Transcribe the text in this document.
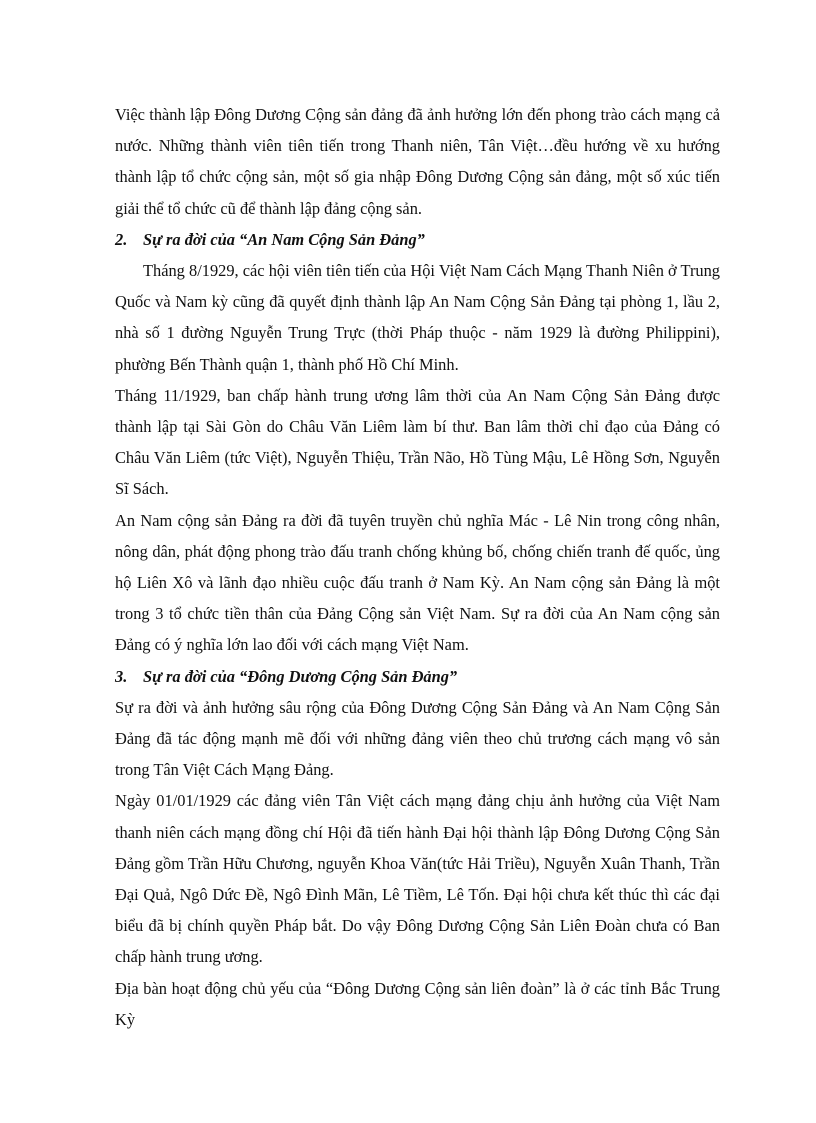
Việc thành lập Đông Dương Cộng sản đảng đã ảnh hưởng lớn đến phong trào cách mạng cả nước. Những thành viên tiên tiến trong Thanh niên, Tân Việt…đều hướng về xu hướng thành lập tổ chức cộng sản, một số gia nhập Đông Dương Cộng sản đảng, một số xúc tiến giải thể tổ chức cũ để thành lập đảng cộng sản.

2. Sự ra đời của “An Nam Cộng Sản Đảng”

Tháng 8/1929, các hội viên tiên tiến của Hội Việt Nam Cách Mạng Thanh Niên ở Trung Quốc và Nam kỳ cũng đã quyết định thành lập An Nam Cộng Sản Đảng tại phòng 1, lầu 2, nhà số 1 đường Nguyễn Trung Trực (thời Pháp thuộc - năm 1929 là đường Philippini), phường Bến Thành quận 1, thành phố Hồ Chí Minh.

Tháng 11/1929, ban chấp hành trung ương lâm thời của An Nam Cộng Sản Đảng được thành lập tại Sài Gòn do Châu Văn Liêm làm bí thư. Ban lâm thời chỉ đạo của Đảng có Châu Văn Liêm (tức Việt), Nguyễn Thiệu, Trần Não, Hồ Tùng Mậu, Lê Hồng Sơn, Nguyễn Sĩ Sách.

An Nam cộng sản Đảng ra đời đã tuyên truyền chủ nghĩa Mác - Lê Nin trong công nhân, nông dân, phát động phong trào đấu tranh chống khủng bố, chống chiến tranh đế quốc, ủng hộ Liên Xô và lãnh đạo nhiều cuộc đấu tranh ở Nam Kỳ. An Nam cộng sản Đảng là một trong 3 tổ chức tiền thân của Đảng Cộng sản Việt Nam. Sự ra đời của An Nam cộng sản Đảng có ý nghĩa lớn lao đối với cách mạng Việt Nam.

3. Sự ra đời của “Đông Dương Cộng Sản Đảng”

Sự ra đời và ảnh hưởng sâu rộng của Đông Dương Cộng Sản Đảng và An Nam Cộng Sản Đảng đã tác động mạnh mẽ đối với những đảng viên theo chủ trương cách mạng vô sản trong Tân Việt Cách Mạng Đảng.

Ngày 01/01/1929 các đảng viên Tân Việt cách mạng đảng chịu ảnh hưởng của Việt Nam thanh niên cách mạng đồng chí Hội đã tiến hành Đại hội thành lập Đông Dương Cộng Sản Đảng gồm Trần Hữu Chương, nguyễn Khoa Văn(tức Hải Triều), Nguyễn Xuân Thanh, Trần Đại Quả, Ngô Dức Đề, Ngô Đình Mãn, Lê Tiềm, Lê Tốn. Đại hội chưa kết thúc thì các đại biểu đã bị chính quyền Pháp bắt. Do vậy Đông Dương Cộng Sản Liên Đoàn chưa có Ban chấp hành trung ương.

Địa bàn hoạt động chủ yếu của “Đông Dương Cộng sản liên đoàn” là ở các tỉnh Bắc Trung Kỳ
